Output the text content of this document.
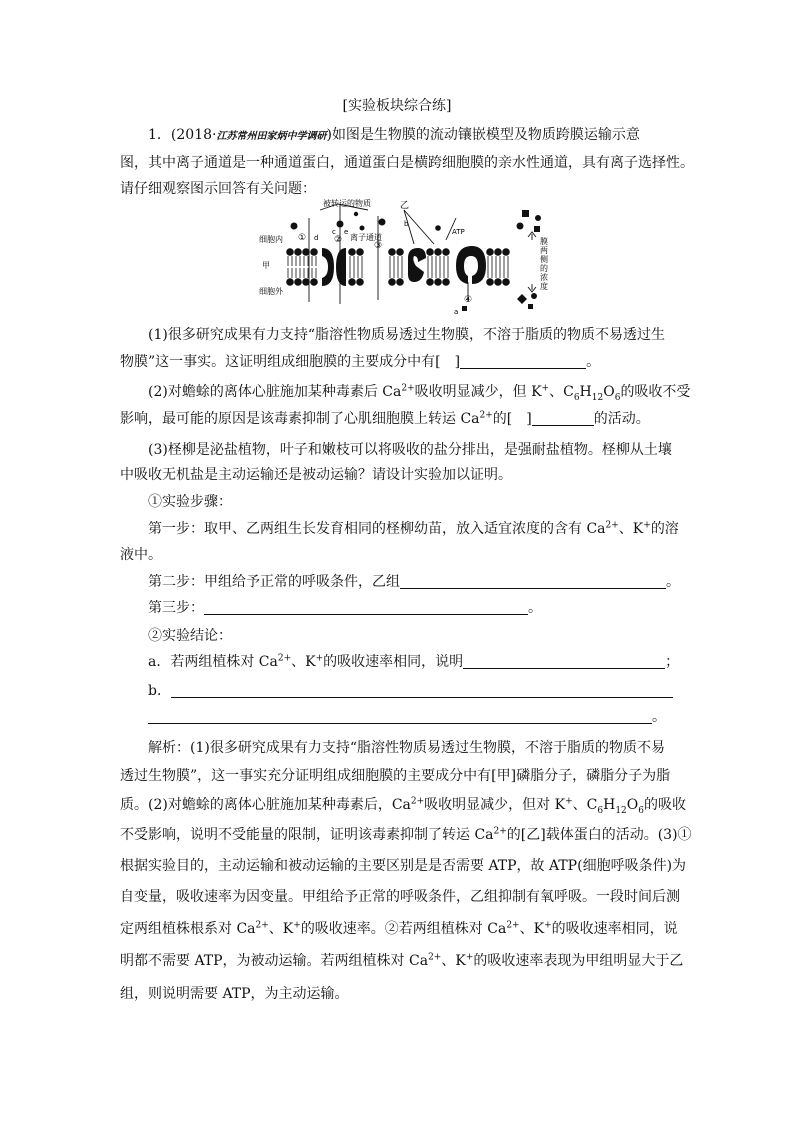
[实验板块综合练]
1．(2018·江苏常州田家炳中学调研)如图是生物膜的流动镶嵌模型及物质跨膜运输示意
图，其中离子通道是一种通道蛋白，通道蛋白是横跨细胞膜的亲水性通道，具有离子选择性。
请仔细观察图示回答有关问题：
被转运的物质
细胞内
细胞外
甲
乙
离子通道
ATP
①	②
③
④
a
b
c
d
e
膜
两
侧
的
浓
度
(1)很多研究成果有力支持“脂溶性物质易透过生物膜，不溶于脂质的物质不易透过生
物膜”这一事实。这证明组成细胞膜的主要成分中有[　]	。
(2)对蟾蜍的离体心脏施加某种毒素后 $Ca^{2+}$吸收明显减少，但 K+、$C_6H_{12}O_6$的吸收不受
影响，最可能的原因是该毒素抑制了心肌细胞膜上转运 $Ca^{2+}$的[　]	的活动。
(3)柽柳是泌盐植物，叶子和嫩枝可以将吸收的盐分排出，是强耐盐植物。柽柳从土壤
中吸收无机盐是主动运输还是被动运输？请设计实验加以证明。
①实验步骤：
第一步：取甲、乙两组生长发育相同的柽柳幼苗，放入适宜浓度的含有 $Ca^{2+}$、K+的溶
液中。
第二步：甲组给予正常的呼吸条件，乙组	。
第三步：	。
②实验结论：
a．若两组植株对 $Ca^{2+}$、K+的吸收速率相同，说明	；
b．
。
解析：(1)很多研究成果有力支持“脂溶性物质易透过生物膜，不溶于脂质的物质不易
透过生物膜”，这一事实充分证明组成细胞膜的主要成分中有[甲]磷脂分子，磷脂分子为脂
质。(2)对蟾蜍的离体心脏施加某种毒素后，$Ca^{2+}$吸收明显减少，但对 K+、$C_6H_{12}O_6$的吸收
不受影响，说明不受能量的限制，证明该毒素抑制了转运 $Ca^{2+}$的[乙]载体蛋白的活动。(3)①
根据实验目的，主动运输和被动运输的主要区别是是否需要 ATP，故 ATP(细胞呼吸条件)为
自变量，吸收速率为因变量。甲组给予正常的呼吸条件，乙组抑制有氧呼吸。一段时间后测
定两组植株根系对 $Ca^{2+}$、K+的吸收速率。②若两组植株对 $Ca^{2+}$、K+的吸收速率相同，说
明都不需要 ATP，为被动运输。若两组植株对 $Ca^{2+}$、K+的吸收速率表现为甲组明显大于乙
组，则说明需要 ATP，为主动运输。
